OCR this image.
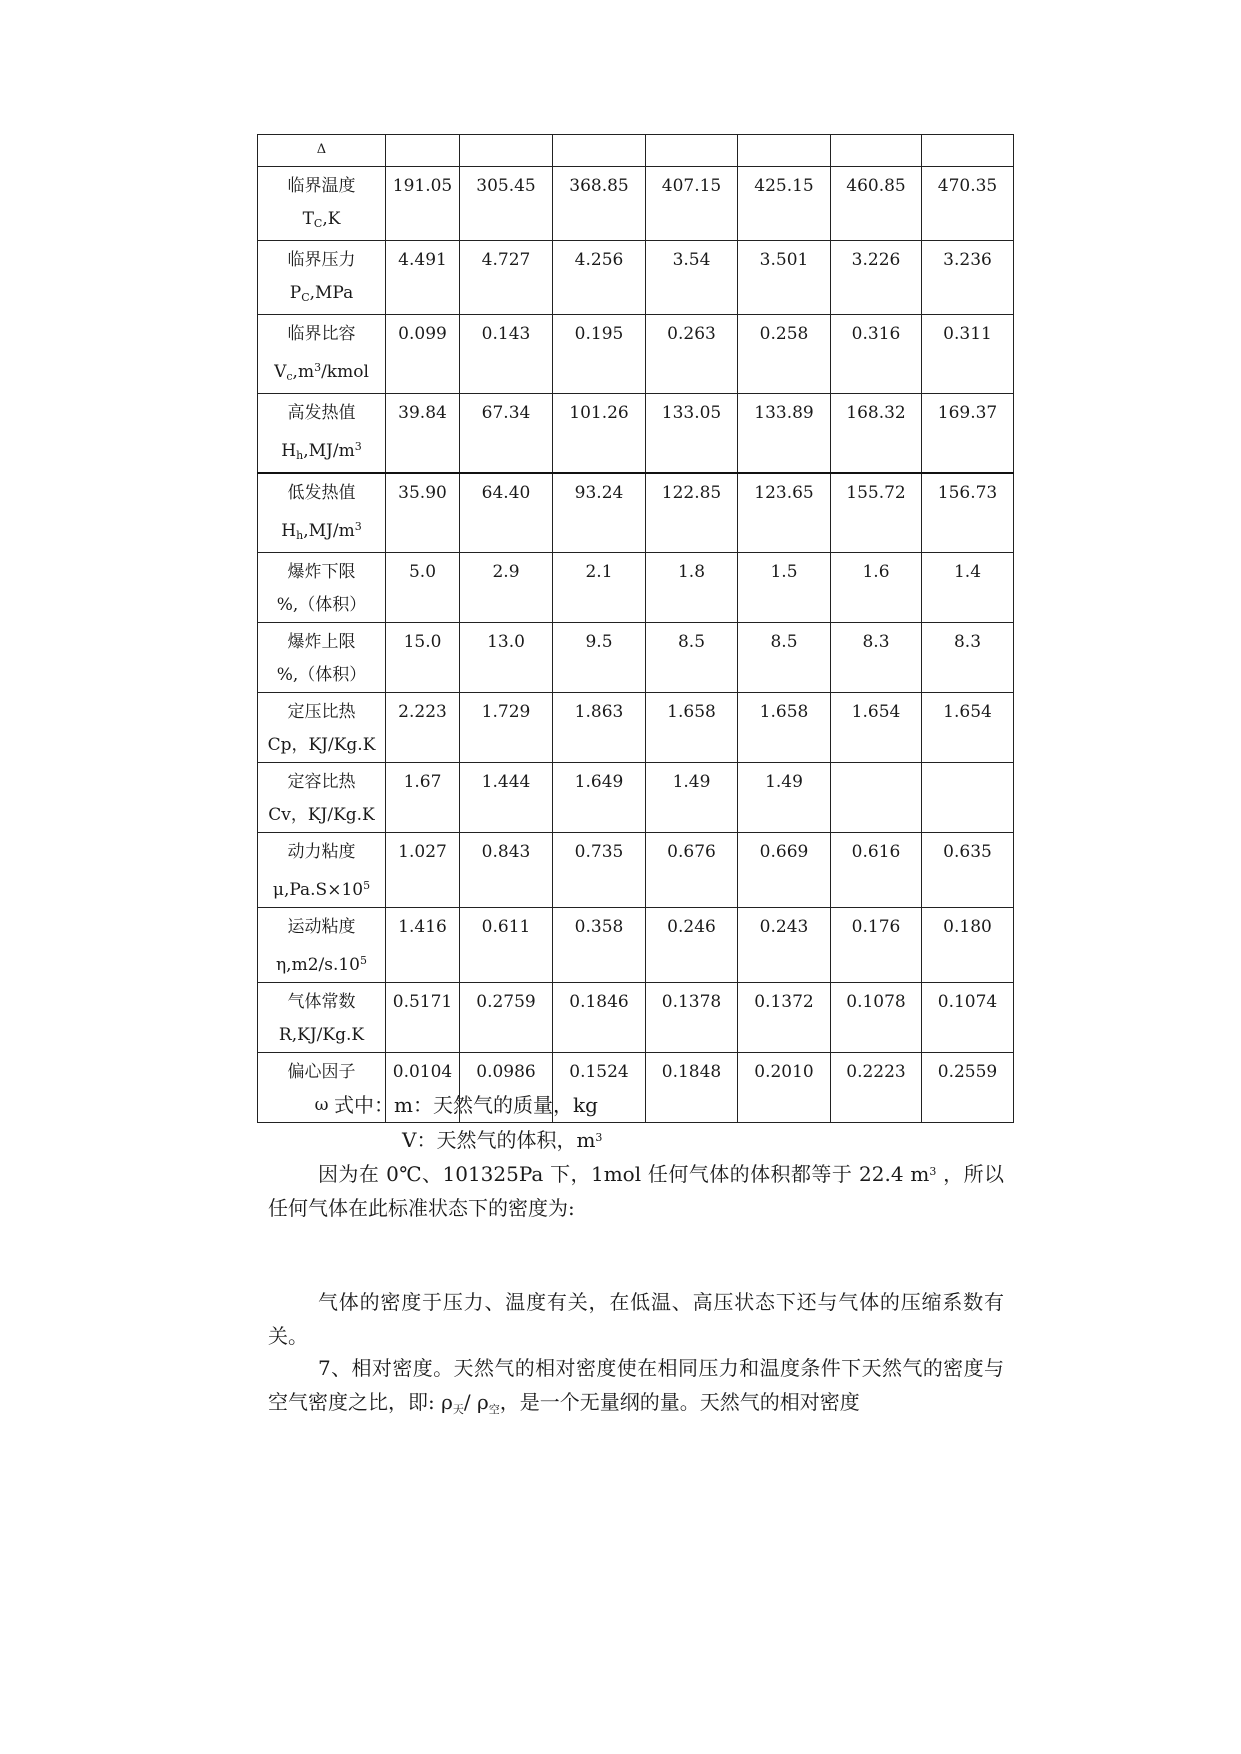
Δ							

临界温度
$T_C,K$	191.05	305.45	368.85	407.15	425.15	460.85	470.35

临界压力
$P_C,MPa$	4.491	4.727	4.256	3.54	3.501	3.226	3.236

临界比容
$V_c,m^3$/kmol	0.099	0.143	0.195	0.263	0.258	0.316	0.311

高发热值
$H_h,MJ/m^3$	39.84	67.34	101.26	133.05	133.89	168.32	169.37

低发热值
$H_h,MJ/m^3$	35.90	64.40	93.24	122.85	123.65	155.72	156.73

爆炸下限
%,（体积）	5.0	2.9	2.1	1.8	1.5	1.6	1.4

爆炸上限
%,（体积）	15.0	13.0	9.5	8.5	8.5	8.3	8.3

定压比热
Cp，KJ/Kg.K	2.223	1.729	1.863	1.658	1.658	1.654	1.654

定容比热
Cv，KJ/Kg.K	1.67	1.444	1.649	1.49	1.49		

动力粘度
$\mu,Pa.S\times 10^5$	1.027	0.843	0.735	0.676	0.669	0.616	0.635

运动粘度
$\eta,m2/s.10^5$	1.416	0.611	0.358	0.246	0.243	0.176	0.180

气体常数
R,KJ/Kg.K	0.5171	0.2759	0.1846	0.1378	0.1372	0.1078	0.1074

偏心因子
ω	0.0104	0.0986	0.1524	0.1848	0.2010	0.2223	0.2559

式中：m：天然气的质量，kg

V：天然气的体积，$m^3$

因为在 0℃、101325Pa 下，1mol 任何气体的体积都等于 22.4 $m^3$ ，所以任何气体在此标准状态下的密度为:

气体的密度于压力、温度有关，在低温、高压状态下还与气体的压缩系数有关。

7、相对密度。天然气的相对密度使在相同压力和温度条件下天然气的密度与空气密度之比，即: $\rho_天/$ $\rho_空$，是一个无量纲的量。天然气的相对密度
